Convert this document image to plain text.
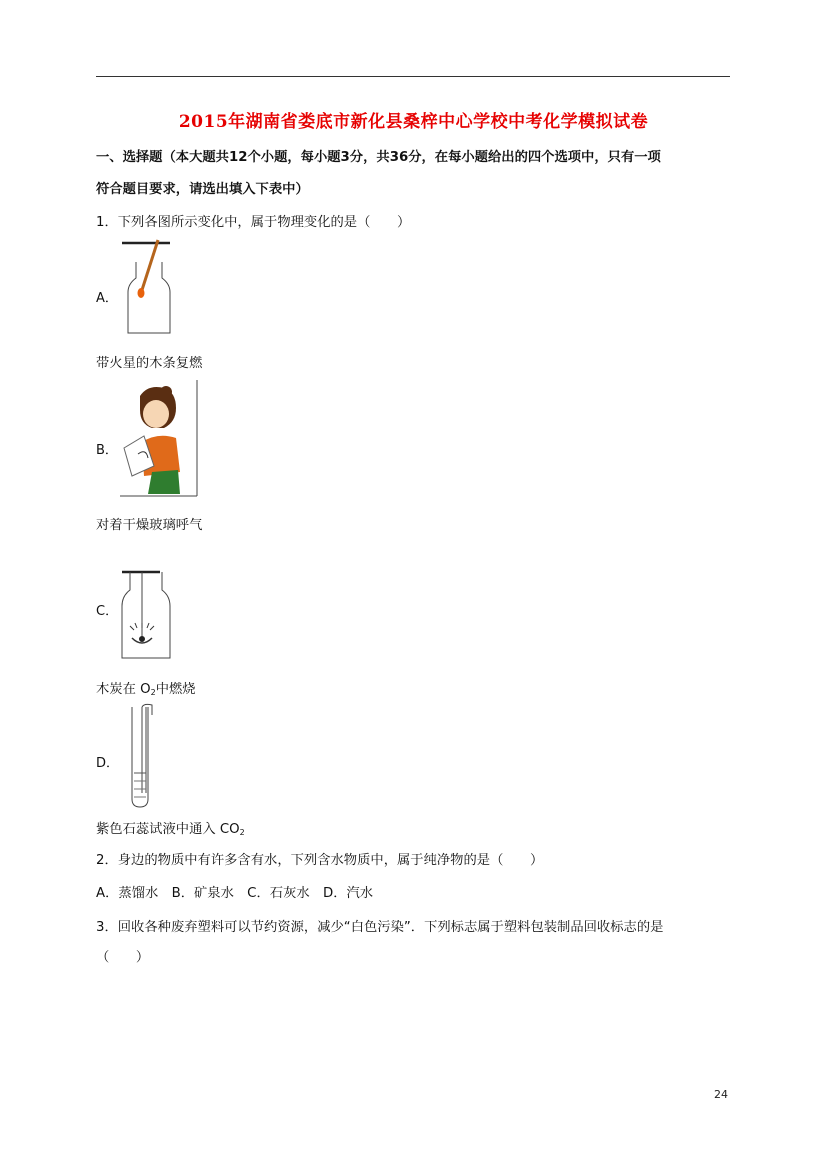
2015年湖南省娄底市新化县桑梓中心学校中考化学模拟试卷
一、选择题（本大题共12个小题，每小题3分，共36分，在每小题给出的四个选项中，只有一项
符合题目要求，请选出填入下表中）
1．下列各图所示变化中，属于物理变化的是（　　）
A．
带火星的木条复燃
B．
对着干燥玻璃呼气
C．
木炭在 $O_2$中燃烧
D．
紫色石蕊试液中通入 $CO_2$
2．身边的物质中有许多含有水，下列含水物质中，属于纯净物的是（　　）
A．蒸馏水　B．矿泉水　C．石灰水　D．汽水
3．回收各种废弃塑料可以节约资源，减少“白色污染”．下列标志属于塑料包装制品回收标志的是
（　　）
24
